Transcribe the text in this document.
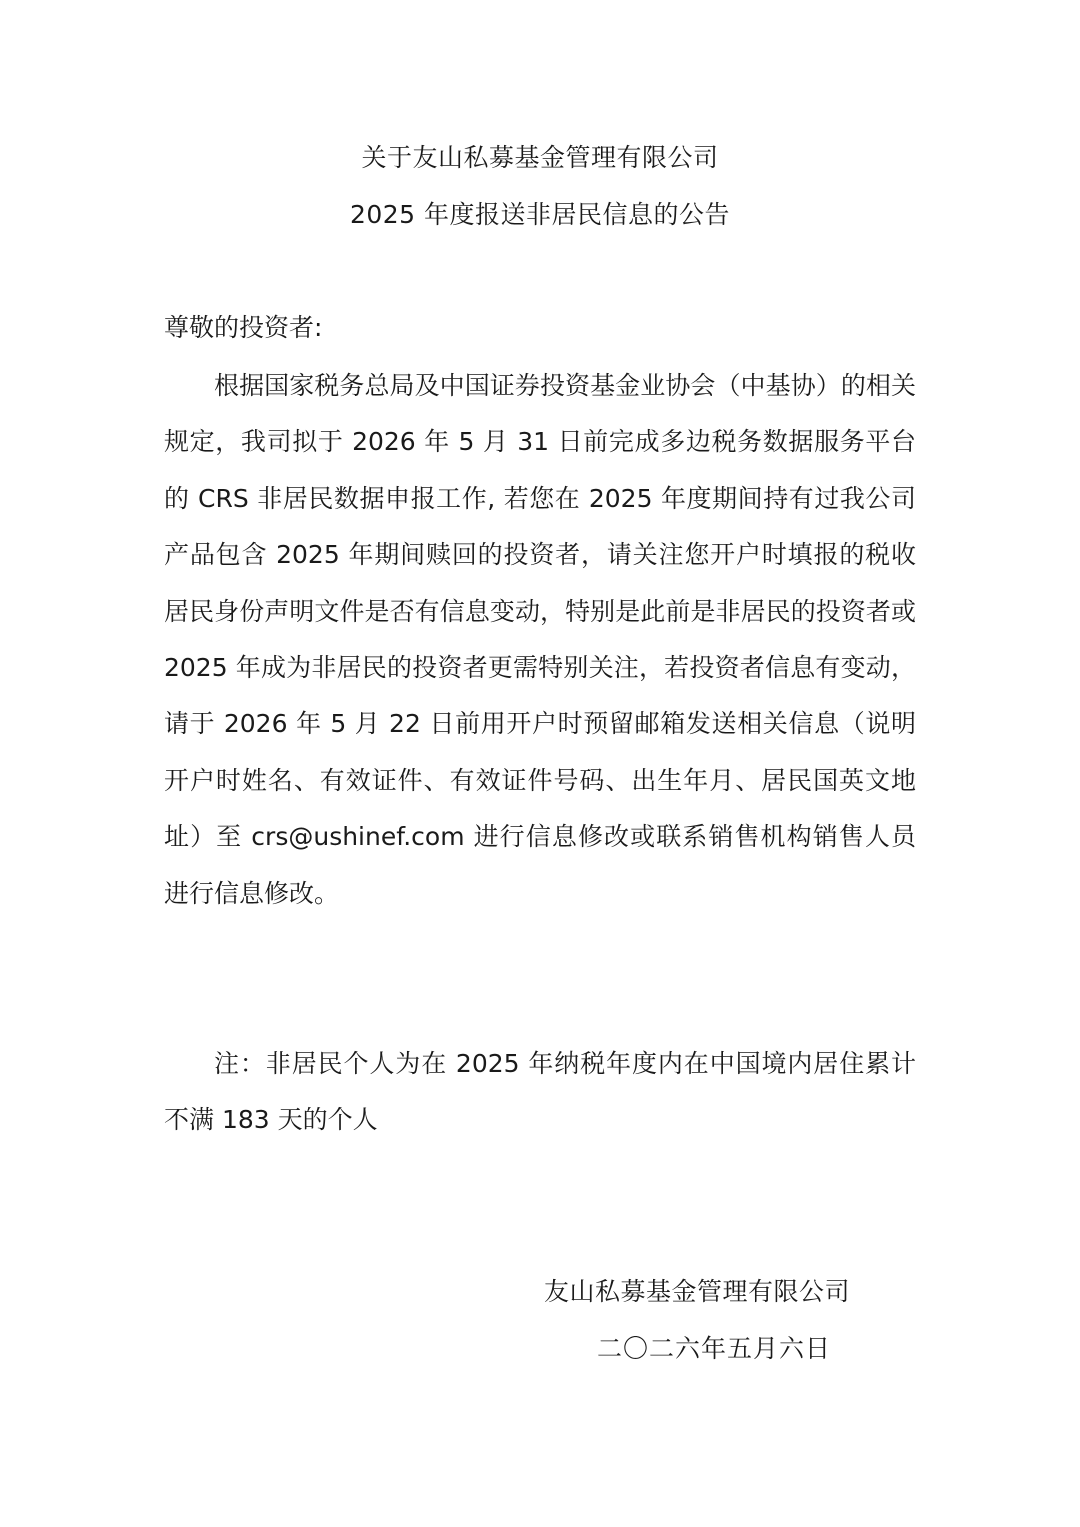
关于友山私募基金管理有限公司
2025 年度报送非居民信息的公告
尊敬的投资者:

根据国家税务总局及中国证券投资基金业协会（中基协）的相关规定，我司拟于 2026 年 5 月 31 日前完成多边税务数据服务平台的 CRS 非居民数据申报工作, 若您在 2025 年度期间持有过我公司产品包含 2025 年期间赎回的投资者，请关注您开户时填报的税收居民身份声明文件是否有信息变动，特别是此前是非居民的投资者或 2025 年成为非居民的投资者更需特别关注，若投资者信息有变动，请于 2026 年 5 月 22 日前用开户时预留邮箱发送相关信息（说明开户时姓名、有效证件、有效证件号码、出生年月、居民国英文地址）至 crs@ushinef.com 进行信息修改或联系销售机构销售人员进行信息修改。

注：非居民个人为在 2025 年纳税年度内在中国境内居住累计不满 183 天的个人

友山私募基金管理有限公司
二〇二六年五月六日
